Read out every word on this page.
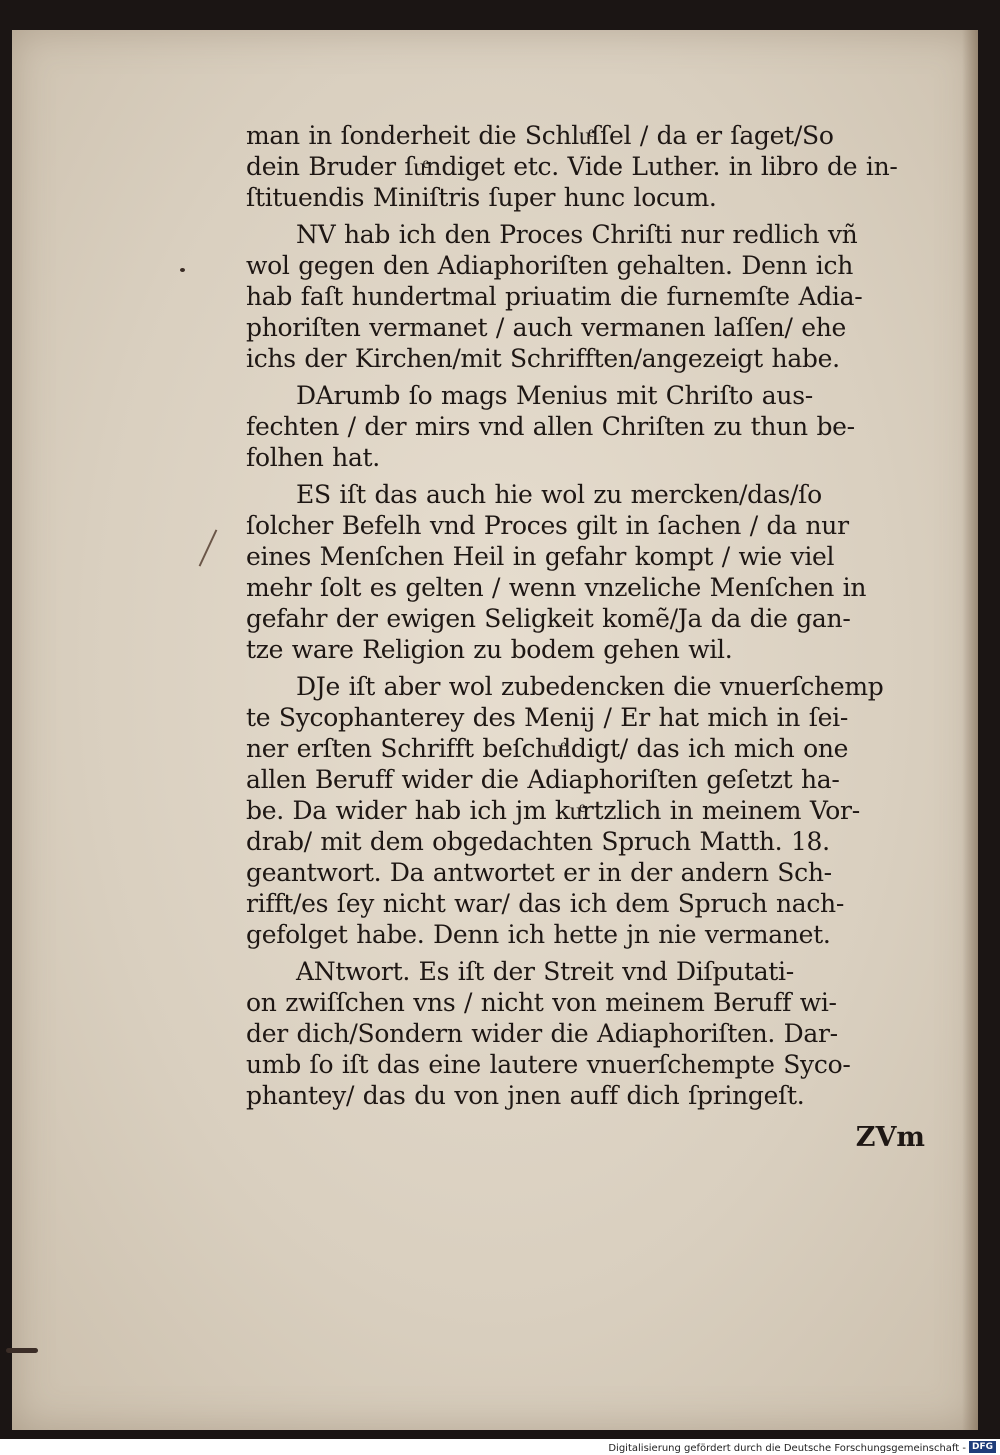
man in ſonderheit die Schluͤſſel / da er ſaget/So
dein Bruder ſuͤndiget etc. Vide Luther. in libro de in-
ſtituendis Miniſtris ſuper hunc locum.
NV hab ich den Proces Chriſti nur redlich vñ
wol gegen den Adiaphoriſten gehalten. Denn ich
hab faſt hundertmal priuatim die furnemſte Adia-
phoriſten vermanet / auch vermanen laſſen/ ehe
ichs der Kirchen/mit Schrifften/angezeigt habe.
DArumb ſo mags Menius mit Chriſto aus-
fechten / der mirs vnd allen Chriſten zu thun be-
folhen hat.
ES iſt das auch hie wol zu mercken/das/ſo
ſolcher Befelh vnd Proces gilt in ſachen / da nur
eines Menſchen Heil in gefahr kompt / wie viel
mehr ſolt es gelten / wenn vnzeliche Menſchen in
gefahr der ewigen Seligkeit komẽ/Ja da die gan-
tze ware Religion zu bodem gehen wil.
DJe iſt aber wol zubedencken die vnuerſchemp
te Sycophanterey des Menij / Er hat mich in ſei-
ner erſten Schrifft beſchuͤldigt/ das ich mich one
allen Beruff wider die Adiaphoriſten geſetzt ha-
be. Da wider hab ich jm kuͤrtzlich in meinem Vor-
drab/ mit dem obgedachten Spruch Matth. 18.
geantwort. Da antwortet er in der andern Sch-
rifft/es ſey nicht war/ das ich dem Spruch nach-
gefolget habe. Denn ich hette jn nie vermanet.
ANtwort. Es iſt der Streit vnd Diſputati-
on zwiſſchen vns / nicht von meinem Beruff wi-
der dich/Sondern wider die Adiaphoriſten. Dar-
umb ſo iſt das eine lautere vnuerſchempte Syco-
phantey/ das du von jnen auff dich ſpringeſt.
ZVm
Digitalisierung gefördert durch die Deutsche Forschungsgemeinschaft - DFG
